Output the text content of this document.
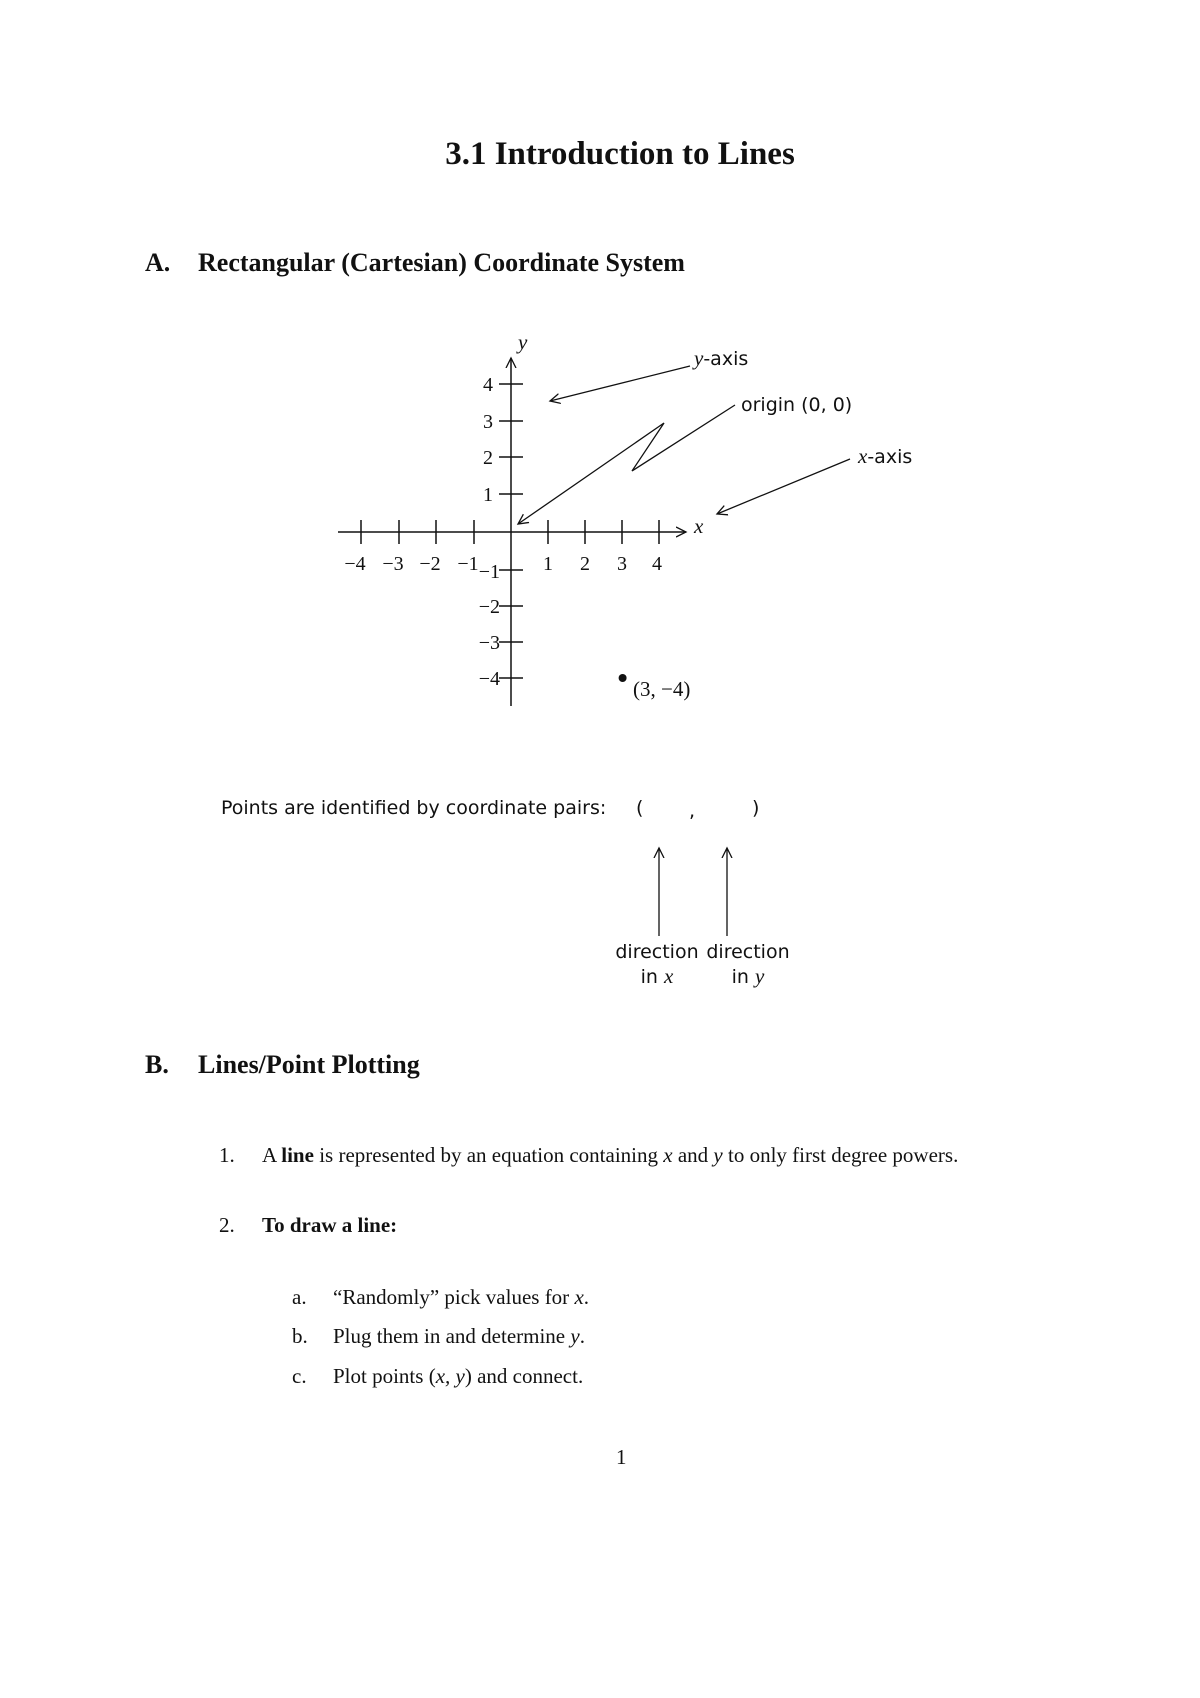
3.1 Introduction to Lines
A. Rectangular (Cartesian) Coordinate System
x
y
−4 −3 −2 −1	1 2 3 4
4
3
2
1
−1
−2
−3
−4
y-axis
origin (0, 0)
x-axis
(3, −4)
Points are identified by coordinate pairs: ( ,	)
direction
in x
direction
in y
B. Lines/Point Plotting
1. A line is represented by an equation containing x and y to only first degree powers.
2. To draw a line:
a. “Randomly” pick values for x.
b. Plug them in and determine y.
c. Plot points (x, y) and connect.
1
